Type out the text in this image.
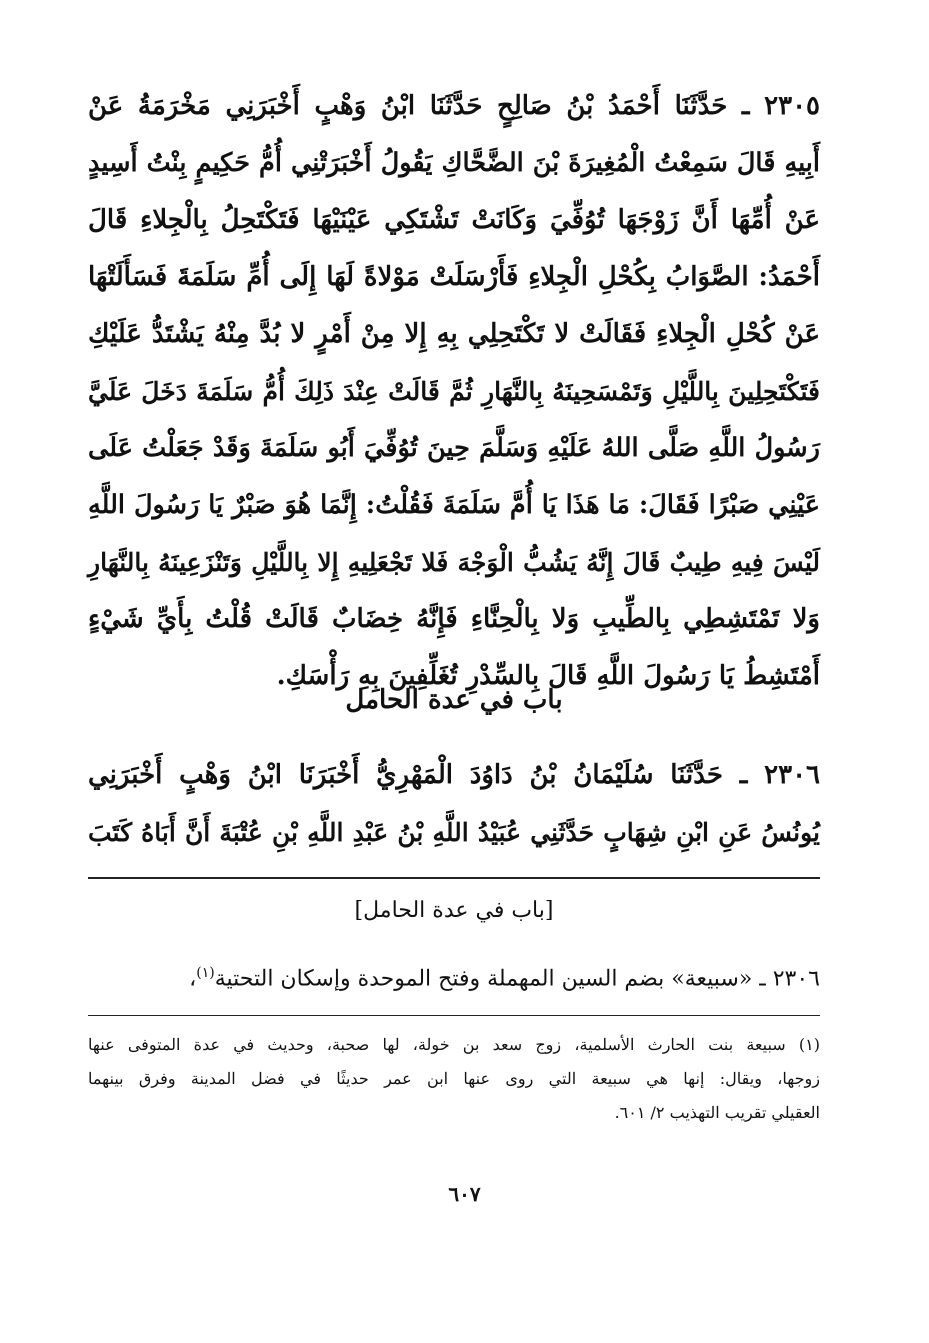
٢٣٠٥ ـ حَدَّثَنَا أَحْمَدُ بْنُ صَالِحٍ حَدَّثَنَا ابْنُ وَهْبٍ أَخْبَرَنِي مَخْرَمَةُ عَنْ
أَبِيهِ قَالَ سَمِعْتُ الْمُغِيرَةَ بْنَ الضَّحَّاكِ يَقُولُ أَخْبَرَتْنِي أُمُّ حَكِيمٍ بِنْتُ أَسِيدٍ
عَنْ أُمِّهَا أَنَّ زَوْجَهَا تُوُفِّيَ وَكَانَتْ تَشْتَكِي عَيْنَيْهَا فَتَكْتَحِلُ بِالْجِلاءِ قَالَ
أَحْمَدُ: الصَّوَابُ بِكُحْلِ الْجِلاءِ فَأَرْسَلَتْ مَوْلاةً لَهَا إِلَى أُمِّ سَلَمَةَ فَسَأَلَتْهَا
عَنْ كُحْلِ الْجِلاءِ فَقَالَتْ لا تَكْتَحِلِي بِهِ إِلا مِنْ أَمْرٍ لا بُدَّ مِنْهُ يَشْتَدُّ عَلَيْكِ
فَتَكْتَحِلِينَ بِاللَّيْلِ وَتَمْسَحِينَهُ بِالنَّهَارِ ثُمَّ قَالَتْ عِنْدَ ذَلِكَ أُمُّ سَلَمَةَ دَخَلَ عَلَيَّ
رَسُولُ اللَّهِ صَلَّى اللهُ عَلَيْهِ وَسَلَّمَ حِينَ تُوُفِّيَ أَبُو سَلَمَةَ وَقَدْ جَعَلْتُ عَلَى
عَيْنِي صَبْرًا فَقَالَ: مَا هَذَا يَا أُمَّ سَلَمَةَ فَقُلْتُ: إِنَّمَا هُوَ صَبْرٌ يَا رَسُولَ اللَّهِ
لَيْسَ فِيهِ طِيبٌ قَالَ إِنَّهُ يَشُبُّ الْوَجْهَ فَلا تَجْعَلِيهِ إِلا بِاللَّيْلِ وَتَنْزَعِينَهُ بِالنَّهَارِ
وَلا تَمْتَشِطِي بِالطِّيبِ وَلا بِالْحِنَّاءِ فَإِنَّهُ خِضَابٌ قَالَتْ قُلْتُ بِأَيِّ شَيْءٍ
أَمْتَشِطُ يَا رَسُولَ اللَّهِ قَالَ بِالسِّدْرِ تُغَلِّفِينَ بِهِ رَأْسَكِ.
باب في عدة الحامل
٢٣٠٦ ـ حَدَّثَنَا سُلَيْمَانُ بْنُ دَاوُدَ الْمَهْرِيُّ أَخْبَرَنَا ابْنُ وَهْبٍ أَخْبَرَنِي
يُونُسُ عَنِ ابْنِ شِهَابٍ حَدَّثَنِي عُبَيْدُ اللَّهِ بْنُ عَبْدِ اللَّهِ بْنِ عُتْبَةَ أَنَّ أَبَاهُ كَتَبَ
[باب في عدة الحامل]
٢٣٠٦ ـ «سبيعة» بضم السين المهملة وفتح الموحدة وإسكان التحتية$^{(١)}$،
(١) سبيعة بنت الحارث الأسلمية، زوج سعد بن خولة، لها صحبة، وحديث في عدة المتوفى عنها
زوجها، ويقال: إنها هي سبيعة التي روى عنها ابن عمر حديثًا في فضل المدينة وفرق بينهما
العقيلي تقريب التهذيب ٢/ ٦٠١.
٦٠٧
